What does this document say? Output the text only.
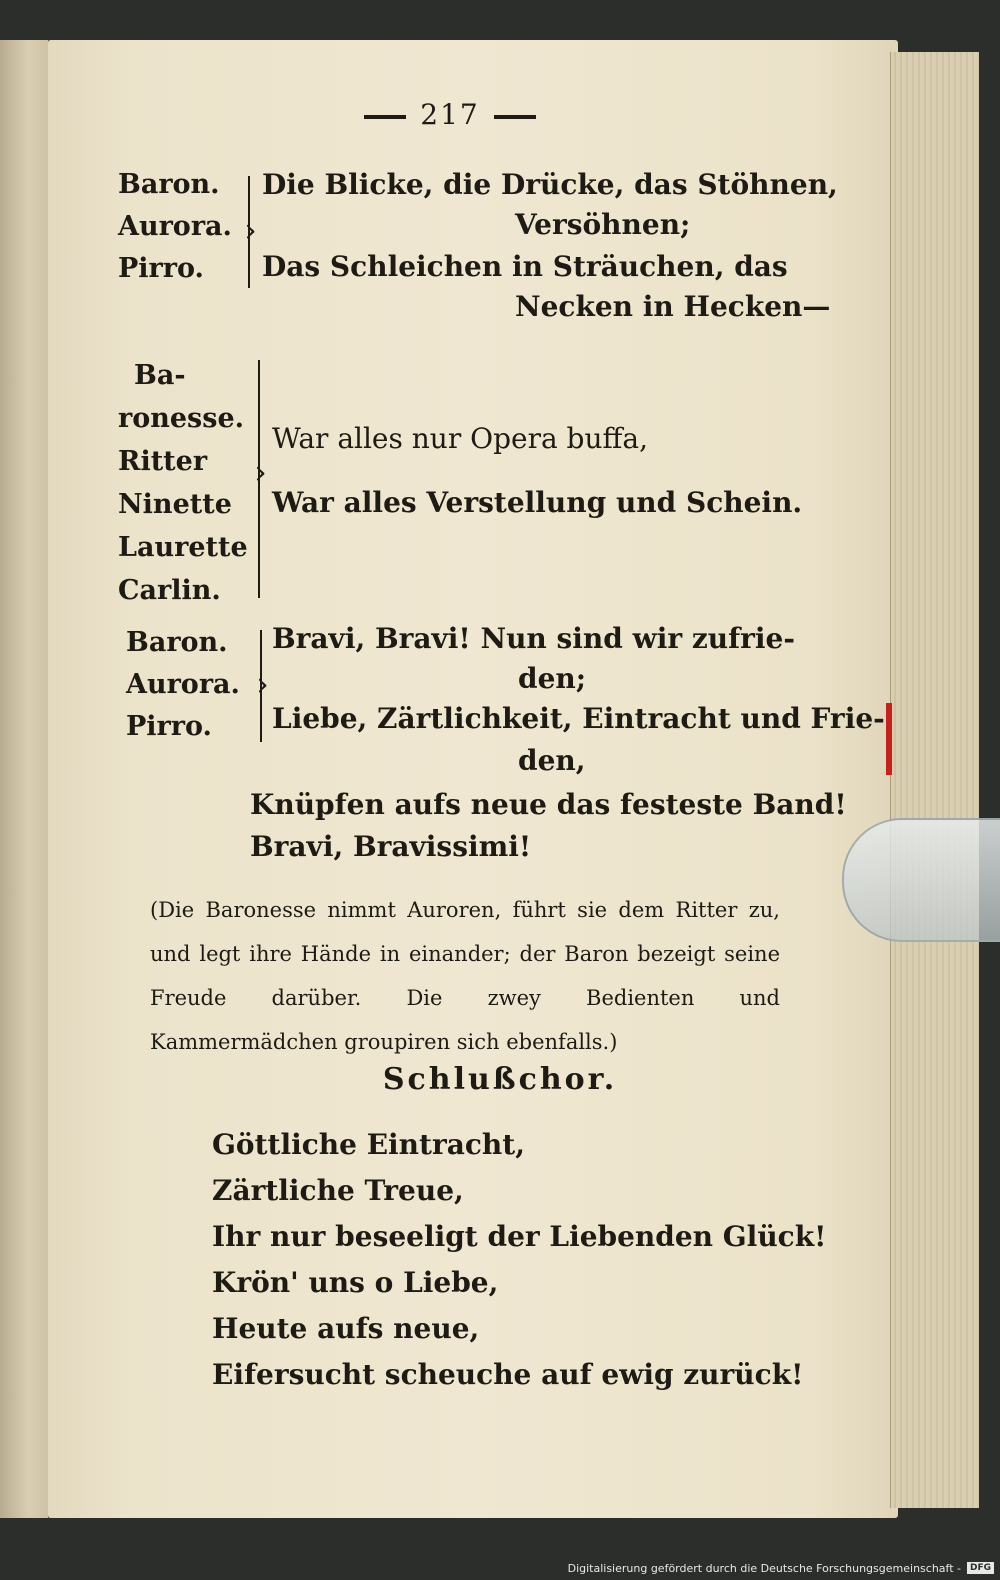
217
Baron.
Aurora.
Pirro.
›
Die Blicke, die Drücke, das Stöhnen,
Versöhnen;
Das Schleichen in Sträuchen, das
Necken in Hecken—
Ba-
ronesse.
Ritter
Ninette
Laurette
Carlin.
›
War alles nur Opera buffa,
War alles Verstellung und Schein.
Baron.
Aurora.
Pirro.
›
Bravi, Bravi! Nun sind wir zufrie-
den;
Liebe, Zärtlichkeit, Eintracht und Frie-
den,
Knüpfen aufs neue das festeste Band!
Bravi, Bravissimi!
(Die Baronesse nimmt Auroren, führt sie dem Ritter zu, und legt ihre Hände in einander; der Baron bezeigt seine Freude darüber. Die zwey Bedienten und Kammermädchen groupiren sich ebenfalls.)
Schlußchor.
Göttliche Eintracht,
Zärtliche Treue,
Ihr nur beseeligt der Liebenden Glück!
Krön' uns o Liebe,
Heute aufs neue,
Eifersucht scheuche auf ewig zurück!
Digitalisierung gefördert durch die Deutsche Forschungsgemeinschaft -	DFG
